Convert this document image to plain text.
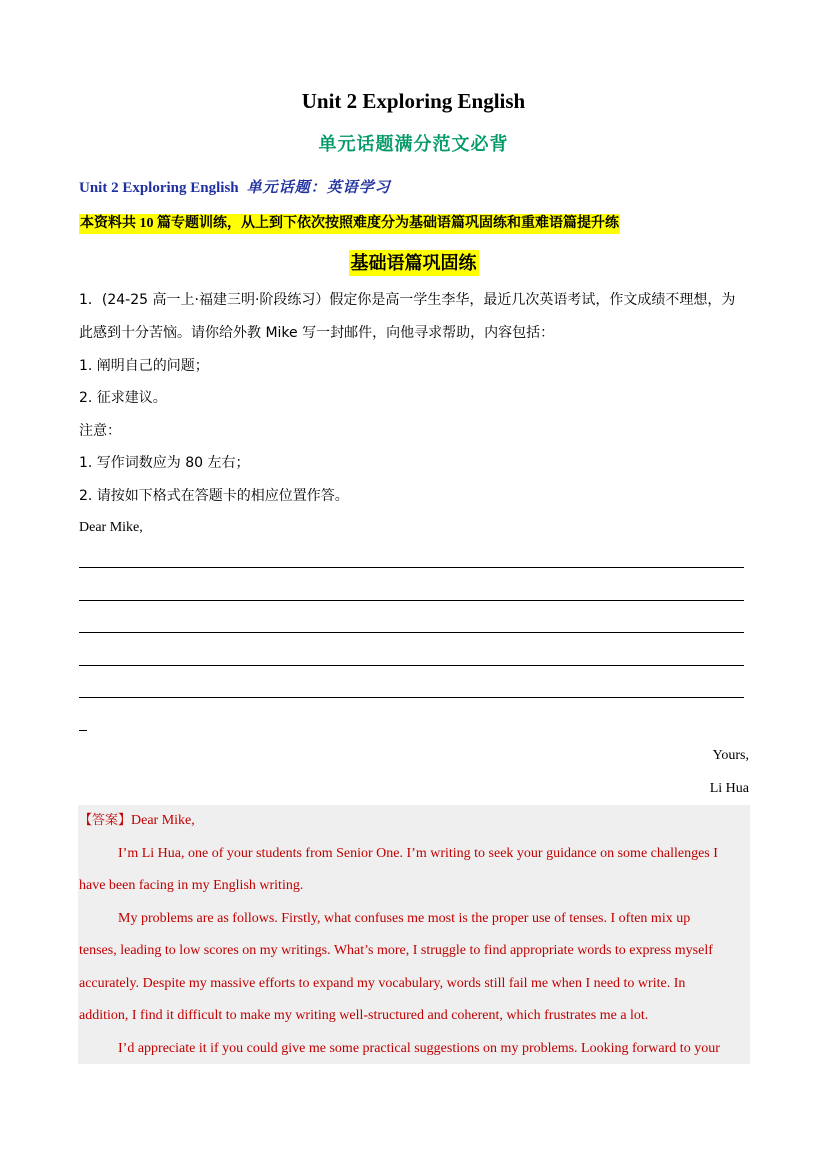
Unit 2 Exploring English
单元话题满分范文必背
Unit 2 Exploring English 单元话题：英语学习
本资料共 10 篇专题训练，从上到下依次按照难度分为基础语篇巩固练和重难语篇提升练
基础语篇巩固练
1．(24-25 高一上·福建三明·阶段练习）假定你是高一学生李华，最近几次英语考试，作文成绩不理想，为
此感到十分苦恼。请你给外教 Mike 写一封邮件，向他寻求帮助，内容包括：
1. 阐明自己的问题；
2. 征求建议。
注意：
1. 写作词数应为 80 左右；
2. 请按如下格式在答题卡的相应位置作答。
Dear Mike,
Yours,
Li Hua
【答案】Dear Mike,
I’m Li Hua, one of your students from Senior One. I’m writing to seek your guidance on some challenges I
have been facing in my English writing.
My problems are as follows. Firstly, what confuses me most is the proper use of tenses. I often mix up
tenses, leading to low scores on my writings. What’s more, I struggle to find appropriate words to express myself
accurately. Despite my massive efforts to expand my vocabulary, words still fail me when I need to write. In
addition, I find it difficult to make my writing well-structured and coherent, which frustrates me a lot.
I’d appreciate it if you could give me some practical suggestions on my problems. Looking forward to your
